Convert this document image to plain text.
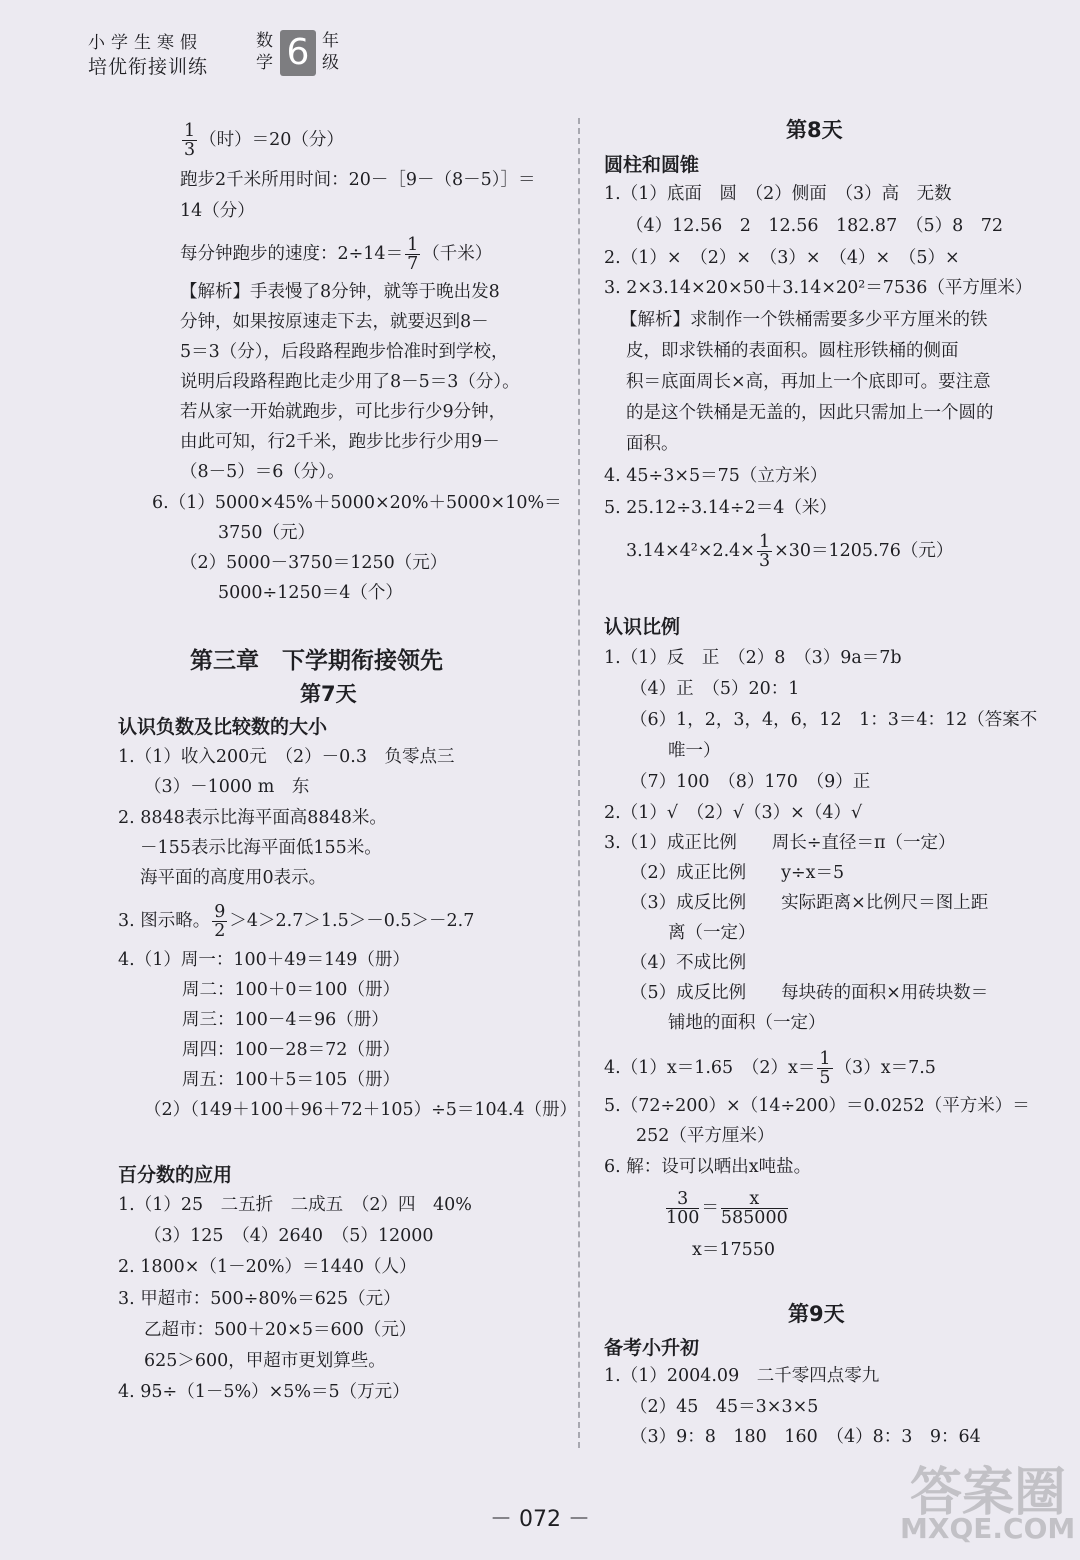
小学生寒假
培优衔接训练
数学 6 年级
$\frac{1}{3}$ （时）＝20（分）
跑步2千米所用时间：20－［9－（8－5）］＝
14（分）
每分钟跑步的速度：$2\div 14= \frac{1}{7}$ （千米）
【解析】手表慢了8分钟，就等于晚出发8
分钟，如果按原速走下去，就要迟到8－
5＝3（分），后段路程跑步恰准时到学校，
说明后段路程跑比走少用了8－5＝3（分）。
若从家一开始就跑步，可比步行少9分钟，
由此可知，行2千米，跑步比步行少用9－
（8－5）＝6（分）。
6.（1）5000×45%＋5000×20%＋5000×10%＝
3750（元）
（2）5000－3750＝1250（元）
5000÷1250＝4（个）
第三章　下学期衔接领先
第7天
认识负数及比较数的大小
1.（1）收入200元　（2）－0.3　负零点三
（3）－1000 m　东
2. 8848表示比海平面高8848米。
－155表示比海平面低155米。
海平面的高度用0表示。
3. 图示略。 $\frac{9}{2} >4>2.7>1.5>-0.5>-2.7$
4.（1）周一：100＋49＝149（册）
周二：100＋0＝100（册）
周三：100－4＝96（册）
周四：100－28＝72（册）
周五：100＋5＝105（册）
（2）（149＋100＋96＋72＋105）÷5＝104.4（册）
百分数的应用
1.（1）25　二五折　二成五　（2）四　40%
（3）125　（4）2640　（5）12000
2. 1800×（1－20%）＝1440（人）
3. 甲超市：500÷80%＝625（元）
乙超市：500＋20×5＝600（元）
625＞600，甲超市更划算些。
4. 95÷（1－5%）×5%＝5（万元）
第8天
圆柱和圆锥
1.（1）底面　圆　（2）侧面　（3）高　无数
（4）12.56　2　12.56　182.87　（5）8　72
2.（1）×　（2）×　（3）×　（4）×　（5）×
3. 2×3.14×20×50＋3.14×20²＝7536（平方厘米）
【解析】求制作一个铁桶需要多少平方厘米的铁
皮，即求铁桶的表面积。圆柱形铁桶的侧面
积＝底面周长×高，再加上一个底即可。要注意
的是这个铁桶是无盖的，因此只需加上一个圆的
面积。
4. 45÷3×5＝75（立方米）
5. 25.12÷3.14÷2＝4（米）
$3.14\times 4^2\times 2.4\times \frac{1}{3} \times 30=1205.76$（元）
认识比例
1.（1）反　正　（2）8　（3）9a＝7b
（4）正　（5）20：1
（6）1，2，3，4，6，12　1：3＝4：12（答案不
唯一）
（7）100　（8）170　（9）正
2.（1）√　（2）√（3）×（4）√
3.（1）成正比例　　周长÷直径＝π（一定）
（2）成正比例　　y÷x＝5
（3）成反比例　　实际距离×比例尺＝图上距
离（一定）
（4）不成比例
（5）成反比例　　每块砖的面积×用砖块数＝
铺地的面积（一定）
4.（1）x＝1.65　$(2)x= \frac{1}{5} (3)x=7.5$
5.（72÷200）×（14÷200）＝0.0252（平方米）＝
252（平方厘米）
6. 解：设可以晒出x吨盐。
$\frac{3}{100} = \frac{x}{585000}$
x＝17550
第9天
备考小升初
1.（1）2004.09　二千零四点零九
（2）45　45＝3×3×5
（3）9：8　180　160　（4）8：3　9：64
－ 072 －	答案圈
MXQE.COM
